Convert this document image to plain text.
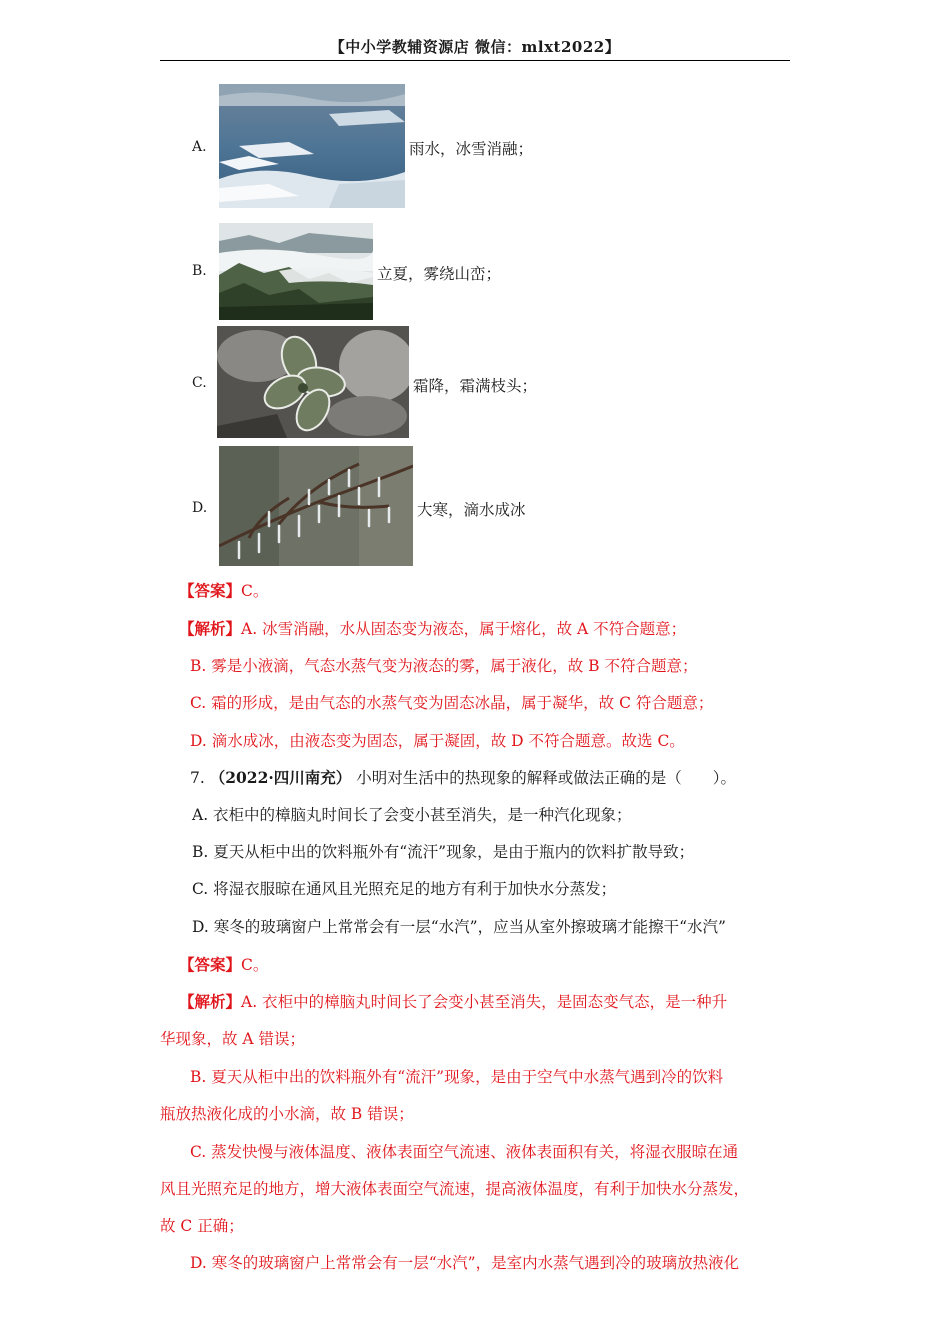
【中小学教辅资源店 微信：mlxt2022】
A.	雨水，冰雪消融；
B.	立夏，雾绕山峦；
C.	霜降，霜满枝头；
D.	大寒，滴水成冰
【答案】C。
【解析】A. 冰雪消融，水从固态变为液态，属于熔化，故 A 不符合题意；
B. 雾是小液滴，气态水蒸气变为液态的雾，属于液化，故 B 不符合题意；
C. 霜的形成，是由气态的水蒸气变为固态冰晶，属于凝华，故 C 符合题意；
D. 滴水成冰，由液态变为固态，属于凝固，故 D 不符合题意。故选 C。
7. （2022·四川南充） 小明对生活中的热现象的解释或做法正确的是（　　）。
A. 衣柜中的樟脑丸时间长了会变小甚至消失，是一种汽化现象；
B. 夏天从柜中出的饮料瓶外有“流汗”现象，是由于瓶内的饮料扩散导致；
C. 将湿衣服晾在通风且光照充足的地方有利于加快水分蒸发；
D. 寒冬的玻璃窗户上常常会有一层“水汽”，应当从室外擦玻璃才能擦干“水汽”
【答案】C。
【解析】A. 衣柜中的樟脑丸时间长了会变小甚至消失，是固态变气态，是一种升
华现象，故 A 错误；
B. 夏天从柜中出的饮料瓶外有“流汗”现象，是由于空气中水蒸气遇到冷的饮料
瓶放热液化成的小水滴，故 B 错误；
C. 蒸发快慢与液体温度、液体表面空气流速、液体表面积有关，将湿衣服晾在通
风且光照充足的地方，增大液体表面空气流速，提高液体温度，有利于加快水分蒸发，
故 C 正确；
D. 寒冬的玻璃窗户上常常会有一层“水汽”，是室内水蒸气遇到冷的玻璃放热液化
